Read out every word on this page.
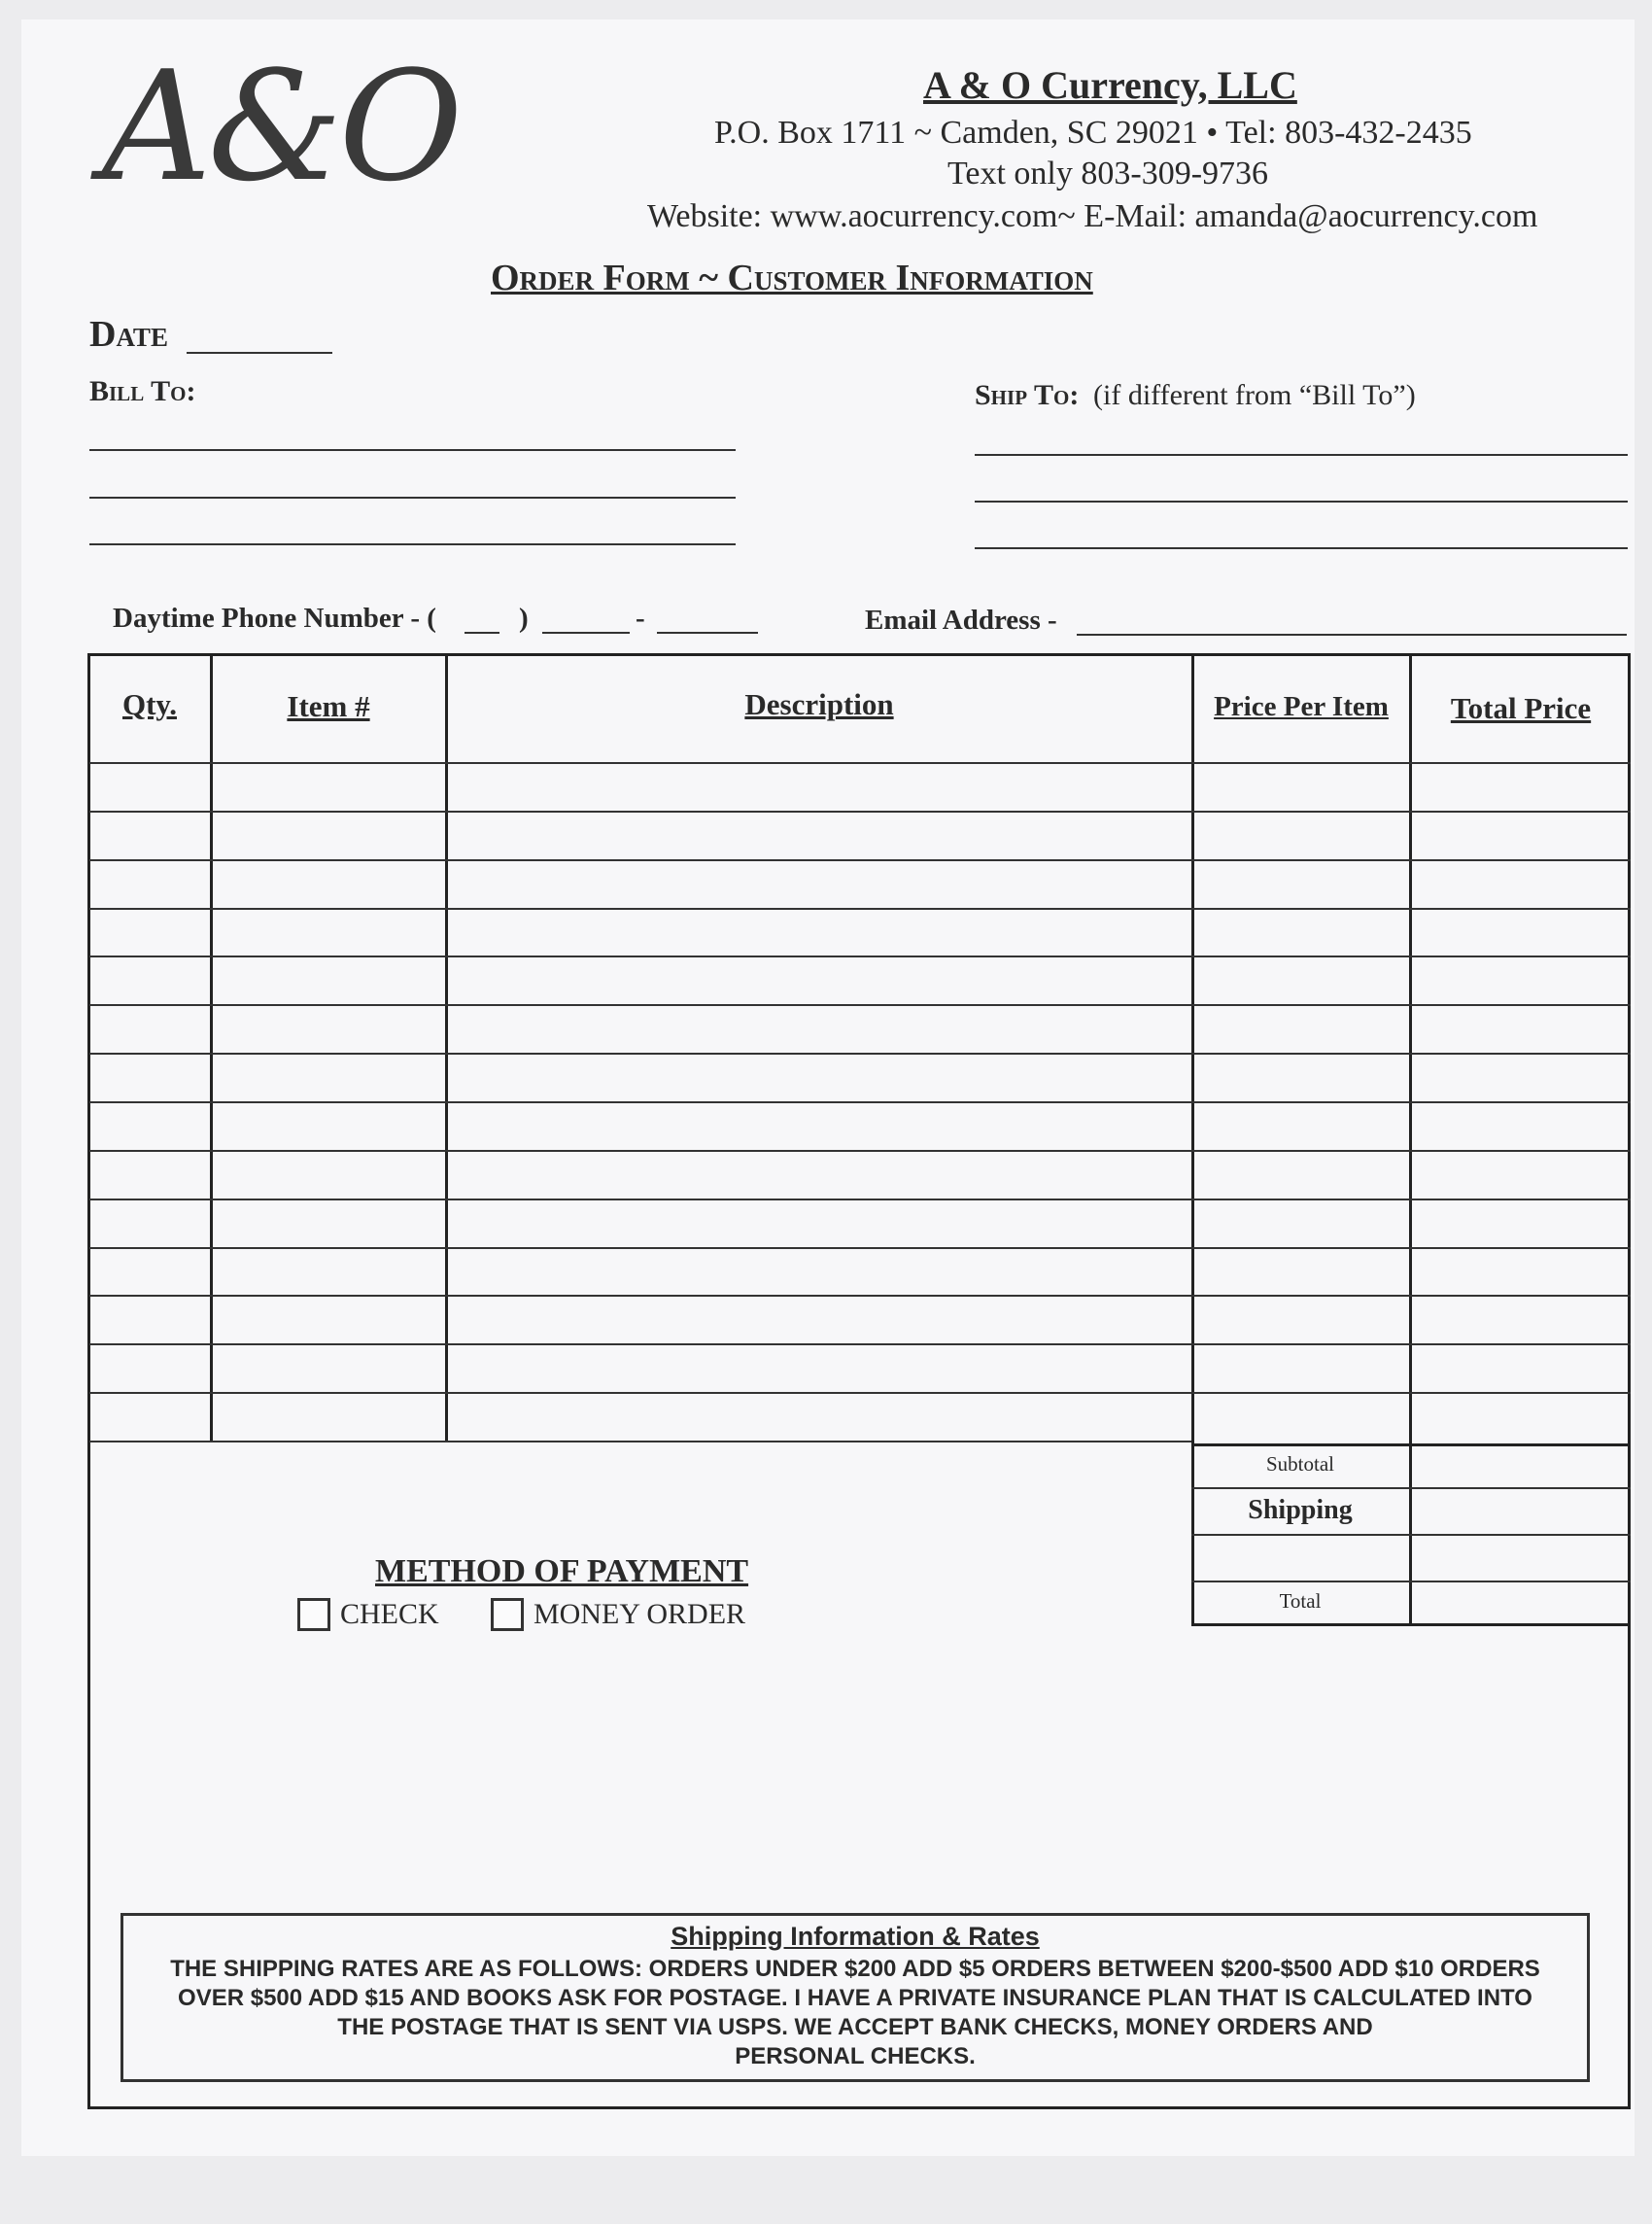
A&O	A & O Currency, LLC
P.O. Box 1711 ~ Camden, SC 29021 • Tel: 803-432-2435
Text only 803-309-9736
Website: www.aocurrency.com~ E-Mail: amanda@aocurrency.com
Order Form ~ Customer Information
Date
Bill To:	Ship To: (if different from “Bill To”)
Daytime Phone Number - (	)	-	Email Address -
Qty.	Item #	Description	Price Per Item	Total Price
Subtotal
Shipping
Total
METHOD OF PAYMENT
CHECK	MONEY ORDER
Shipping Information & Rates
THE SHIPPING RATES ARE AS FOLLOWS: ORDERS UNDER $200 ADD $5 ORDERS BETWEEN $200-$500 ADD $10 ORDERS
OVER $500 ADD $15 AND BOOKS ASK FOR POSTAGE. I HAVE A PRIVATE INSURANCE PLAN THAT IS CALCULATED INTO
THE POSTAGE THAT IS SENT VIA USPS. WE ACCEPT BANK CHECKS, MONEY ORDERS AND
PERSONAL CHECKS.
